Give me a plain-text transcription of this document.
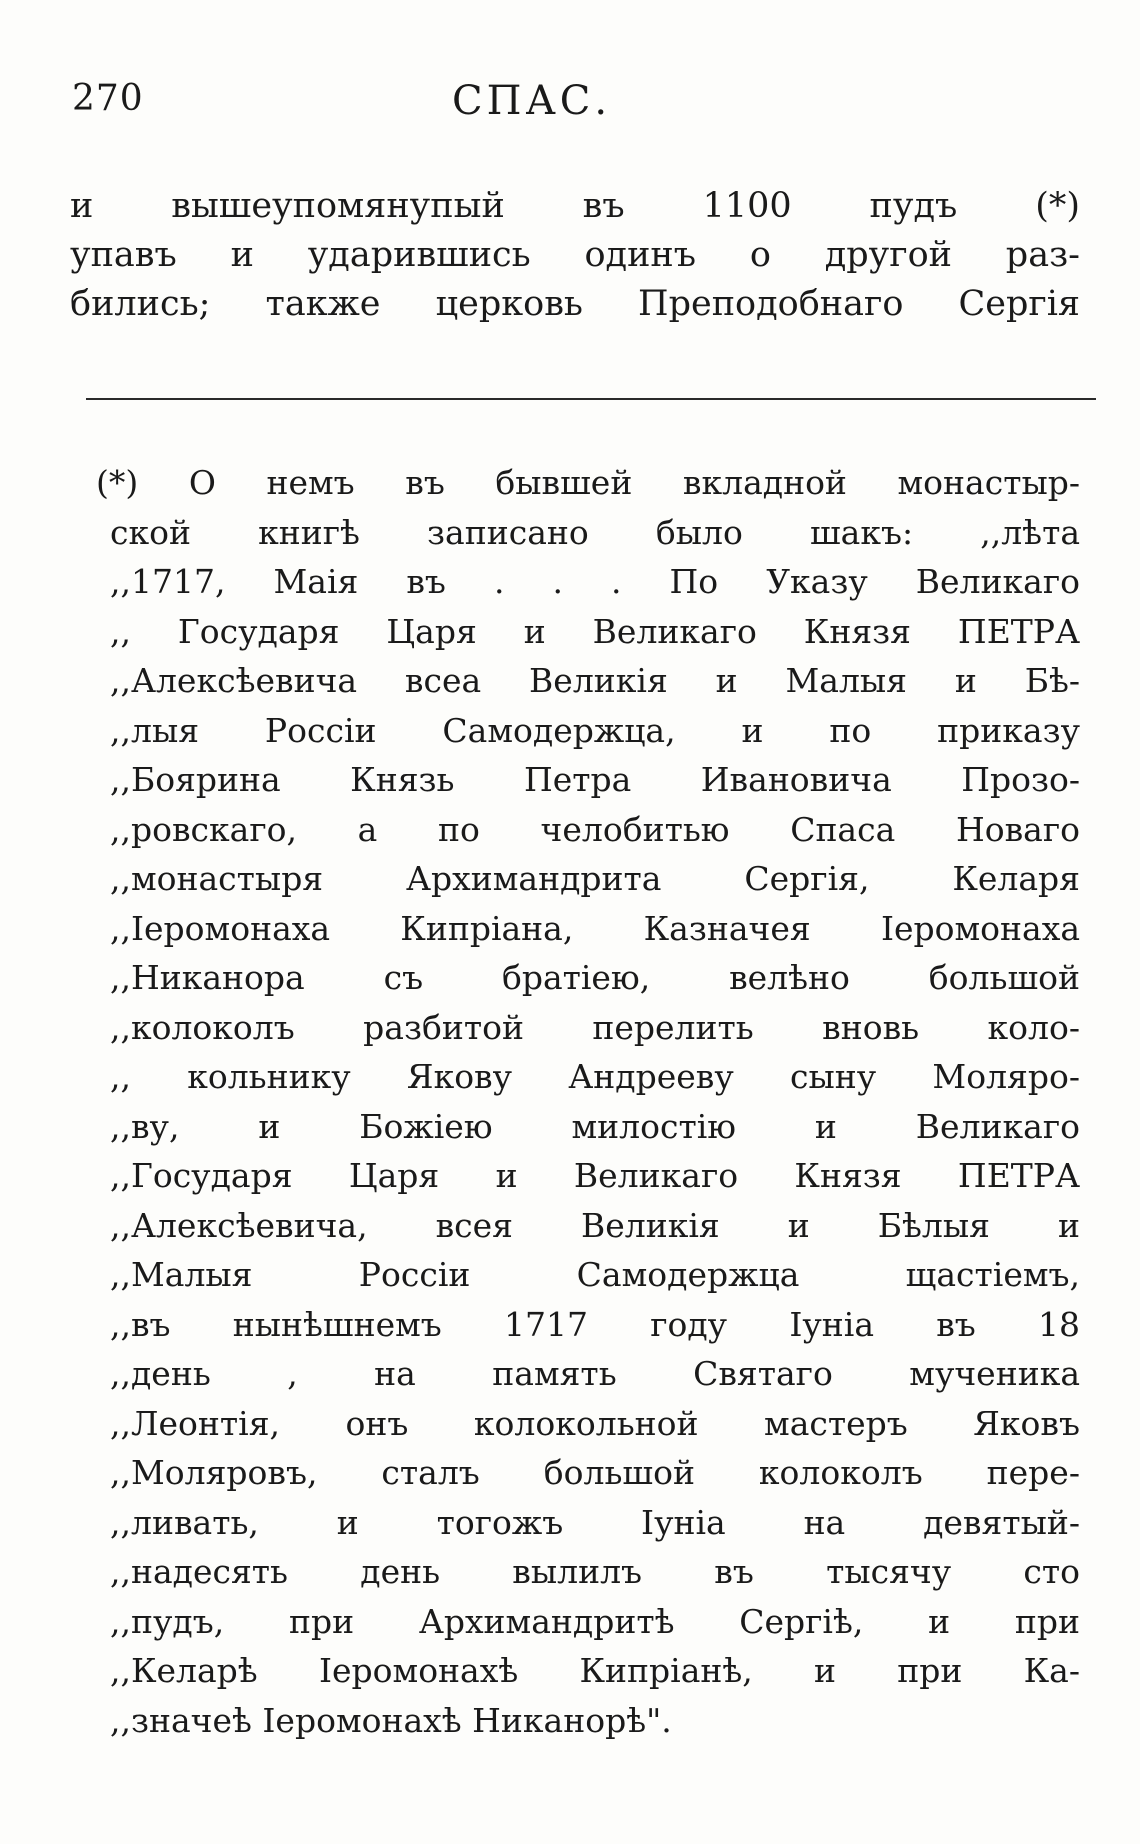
270	СПАС.
и вышеупомянупый въ 1100 пудъ (*)
упавъ и ударившись одинъ о другой раз-
бились; также церковь Преподобнаго Сергія
(*) О немъ въ бывшей вкладной монастыр-
ской книгѣ записано было шакъ: ,,лѣта
,,1717, Маія въ . . . По Указу Великаго
,, Государя Царя и Великаго Князя ПЕТРА
,,Алексѣевича всеа Великія и Малыя и Бѣ-
,,лыя Россіи Самодержца, и по приказу
,,Боярина Князь Петра Ивановича Прозо-
,,ровскаго, а по челобитью Спаса Новаго
,,монастыря Архимандрита Сергія, Келаря
,,Іеромонаха Кипріана, Казначея Іеромонаха
,,Никанора съ братіею, велѣно большой
,,колоколъ разбитой перелить вновь коло-
,, кольнику Якову Андрееву сыну Моляро-
,,ву, и Божіею милостію и Великаго
,,Государя Царя и Великаго Князя ПЕТРА
,,Алексѣевича, всея Великія и Бѣлыя и
,,Малыя Россіи Самодержца щастіемъ,
,,въ нынѣшнемъ 1717 году Іуніа въ 18
,,день , на память Святаго мученика
,,Леонтія, онъ колокольной мастеръ Яковъ
,,Моляровъ, сталъ большой колоколъ пере-
,,ливать, и тогожъ Іуніа на девятый-
,,надесять день вылилъ въ тысячу сто
,,пудъ, при Архимандритѣ Сергіѣ, и при
,,Келарѣ Іеромонахѣ Кипріанѣ, и при Ка-
,,значеѣ Іеромонахѣ Никанорѣ".
